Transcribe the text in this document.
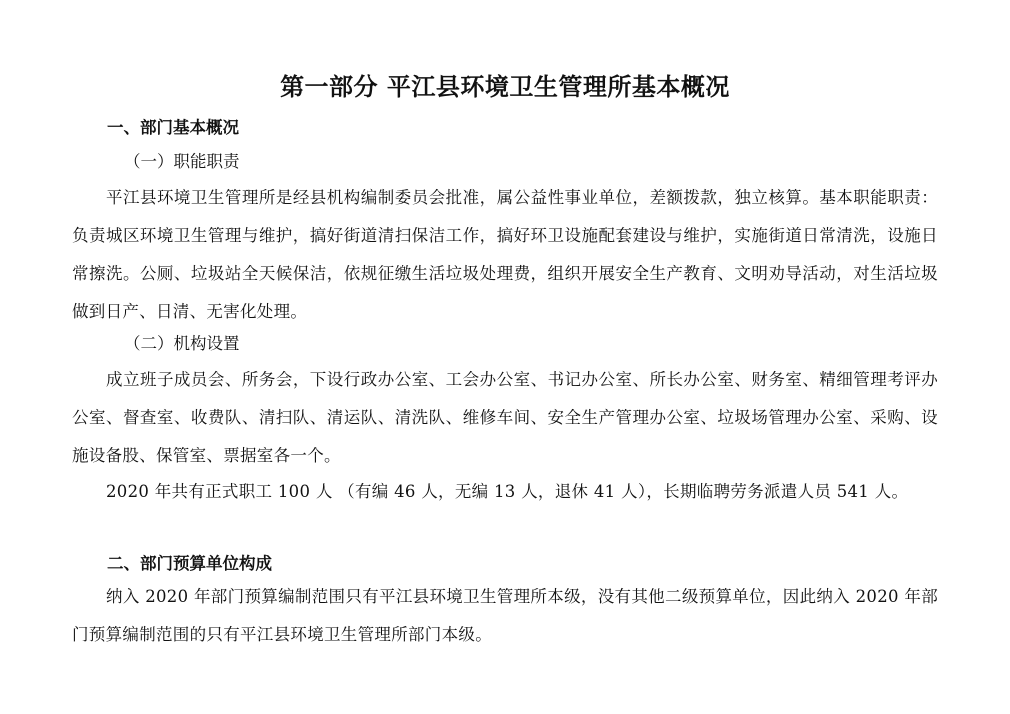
第一部分 平江县环境卫生管理所基本概况
一、部门基本概况
（一）职能职责
平江县环境卫生管理所是经县机构编制委员会批准，属公益性事业单位，差额拨款，独立核算。基本职能职责：负责城区环境卫生管理与维护，搞好街道清扫保洁工作，搞好环卫设施配套建设与维护，实施街道日常清洗，设施日常擦洗。公厕、垃圾站全天候保洁，依规征缴生活垃圾处理费，组织开展安全生产教育、文明劝导活动，对生活垃圾做到日产、日清、无害化处理。
（二）机构设置
成立班子成员会、所务会，下设行政办公室、工会办公室、书记办公室、所长办公室、财务室、精细管理考评办公室、督查室、收费队、清扫队、清运队、清洗队、维修车间、安全生产管理办公室、垃圾场管理办公室、采购、设施设备股、保管室、票据室各一个。
2020 年共有正式职工 100 人 （有编 46 人，无编 13 人，退休 41 人），长期临聘劳务派遣人员 541 人。
二、部门预算单位构成
纳入 2020 年部门预算编制范围只有平江县环境卫生管理所本级，没有其他二级预算单位，因此纳入 2020 年部门预算编制范围的只有平江县环境卫生管理所部门本级。
